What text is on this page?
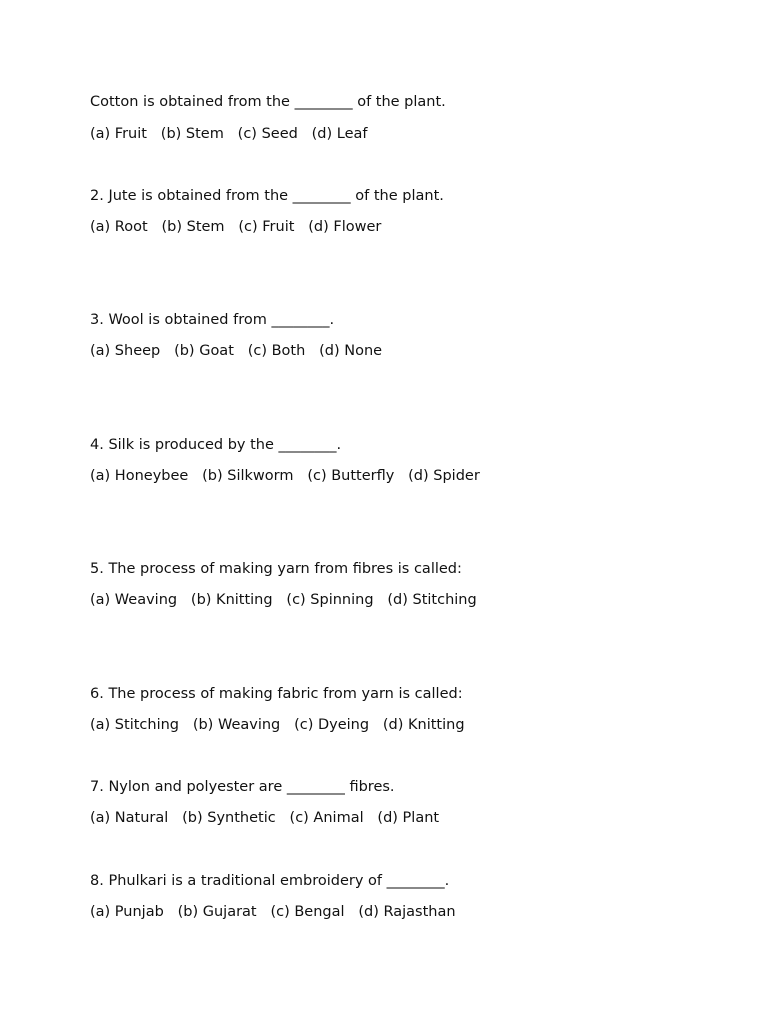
Cotton is obtained from the ________ of the plant.

(a) Fruit   (b) Stem   (c) Seed   (d) Leaf

2. Jute is obtained from the ________ of the plant.

(a) Root   (b) Stem   (c) Fruit   (d) Flower

3. Wool is obtained from ________.

(a) Sheep   (b) Goat   (c) Both   (d) None

4. Silk is produced by the ________.

(a) Honeybee   (b) Silkworm   (c) Butterfly   (d) Spider

5. The process of making yarn from fibres is called:

(a) Weaving   (b) Knitting   (c) Spinning   (d) Stitching

6. The process of making fabric from yarn is called:

(a) Stitching   (b) Weaving   (c) Dyeing   (d) Knitting

7. Nylon and polyester are ________ fibres.

(a) Natural   (b) Synthetic   (c) Animal   (d) Plant

8. Phulkari is a traditional embroidery of ________.

(a) Punjab   (b) Gujarat   (c) Bengal   (d) Rajasthan
